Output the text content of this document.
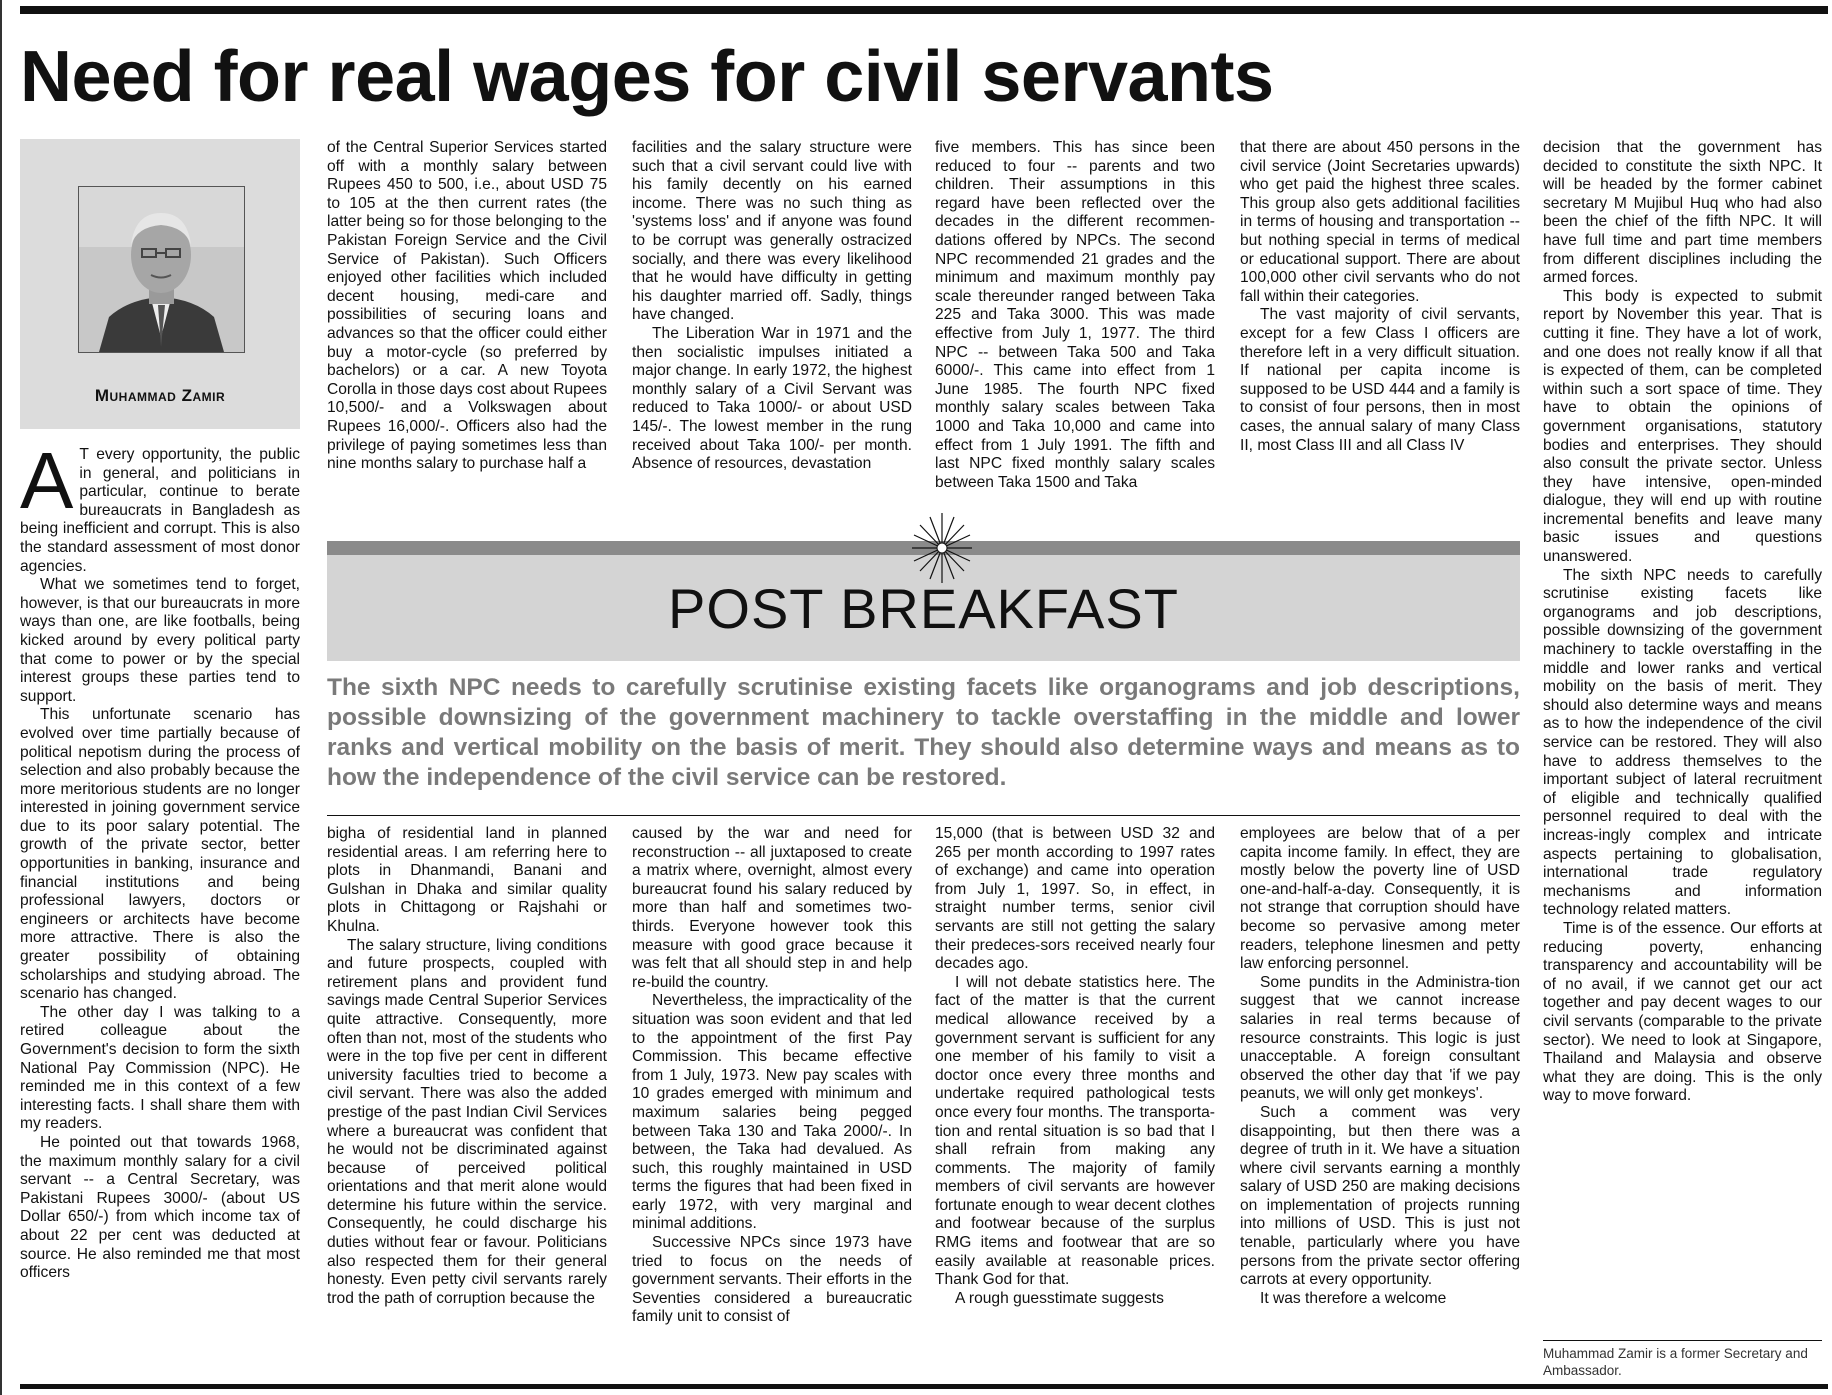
Need for real wages for civil servants
Muhammad Zamir

A T every opportunity, the public in general, and politicians in particular, continue to berate bureaucrats in Bangladesh as being inefficient and corrupt. This is also the standard assessment of most donor agencies.

What we sometimes tend to forget, however, is that our bureaucrats in more ways than one, are like footballs, being kicked around by every political party that come to power or by the special interest groups these parties tend to support.

This unfortunate scenario has evolved over time partially because of political nepotism during the process of selection and also probably because the more meritorious students are no longer interested in joining government service due to its poor salary potential. The growth of the private sector, better opportunities in banking, insurance and financial institutions and being professional lawyers, doctors or engineers or architects have become more attractive. There is also the greater possibility of obtaining scholarships and studying abroad. The scenario has changed.

The other day I was talking to a retired colleague about the Government's decision to form the sixth National Pay Commission (NPC). He reminded me in this context of a few interesting facts. I shall share them with my readers.

He pointed out that towards 1968, the maximum monthly salary for a civil servant -- a Central Secretary, was Pakistani Rupees 3000/- (about US Dollar 650/-) from which income tax of about 22 per cent was deducted at source. He also reminded me that most officers

of the Central Superior Services started off with a monthly salary between Rupees 450 to 500, i.e., about USD 75 to 105 at the then current rates (the latter being so for those belonging to the Pakistan Foreign Service and the Civil Service of Pakistan). Such Officers enjoyed other facilities which included decent housing, medi-care and possibilities of securing loans and advances so that the officer could either buy a motor-cycle (so preferred by bachelors) or a car. A new Toyota Corolla in those days cost about Rupees 10,500/- and a Volkswagen about Rupees 16,000/-. Officers also had the privilege of paying sometimes less than nine months salary to purchase half a

facilities and the salary structure were such that a civil servant could live with his family decently on his earned income. There was no such thing as 'systems loss' and if anyone was found to be corrupt was generally ostracized socially, and there was every likelihood that he would have difficulty in getting his daughter married off. Sadly, things have changed.

The Liberation War in 1971 and the then socialistic impulses initiated a major change. In early 1972, the highest monthly salary of a Civil Servant was reduced to Taka 1000/- or about USD 145/-. The lowest member in the rung received about Taka 100/- per month. Absence of resources, devastation

five members. This has since been reduced to four -- parents and two children. Their assumptions in this regard have been reflected over the decades in the different recommen-dations offered by NPCs. The second NPC recommended 21 grades and the minimum and maximum monthly pay scale thereunder ranged between Taka 225 and Taka 3000. This was made effective from July 1, 1977. The third NPC -- between Taka 500 and Taka 6000/-. This came into effect from 1 June 1985. The fourth NPC fixed monthly salary scales between Taka 1000 and Taka 10,000 and came into effect from 1 July 1991. The fifth and last NPC fixed monthly salary scales between Taka 1500 and Taka

that there are about 450 persons in the civil service (Joint Secretaries upwards) who get paid the highest three scales. This group also gets additional facilities in terms of housing and transportation -- but nothing special in terms of medical or educational support. There are about 100,000 other civil servants who do not fall within their categories.

The vast majority of civil servants, except for a few Class I officers are therefore left in a very difficult situation. If national per capita income is supposed to be USD 444 and a family is to consist of four persons, then in most cases, the annual salary of many Class II, most Class III and all Class IV

decision that the government has decided to constitute the sixth NPC. It will be headed by the former cabinet secretary M Mujibul Huq who had also been the chief of the fifth NPC. It will have full time and part time members from different disciplines including the armed forces.

This body is expected to submit report by November this year. That is cutting it fine. They have a lot of work, and one does not really know if all that is expected of them, can be completed within such a sort space of time. They have to obtain the opinions of government organisations, statutory bodies and enterprises. They should also consult the private sector. Unless they have intensive, open-minded dialogue, they will end up with routine incremental benefits and leave many basic issues and questions unanswered.

The sixth NPC needs to carefully scrutinise existing facets like organograms and job descriptions, possible downsizing of the government machinery to tackle overstaffing in the middle and lower ranks and vertical mobility on the basis of merit. They should also determine ways and means as to how the independence of the civil service can be restored. They will also have to address themselves to the important subject of lateral recruitment of eligible and technically qualified personnel required to deal with the increas-ingly complex and intricate aspects pertaining to globalisation, international trade regulatory mechanisms and information technology related matters.

Time is of the essence. Our efforts at reducing poverty, enhancing transparency and accountability will be of no avail, if we cannot get our act together and pay decent wages to our civil servants (comparable to the private sector). We need to look at Singapore, Thailand and Malaysia and observe what they are doing. This is the only way to move forward.

POST BREAKFAST

The sixth NPC needs to carefully scrutinise existing facets like organograms and job descriptions, possible downsizing of the government machinery to tackle overstaffing in the middle and lower ranks and vertical mobility on the basis of merit. They should also determine ways and means as to how the independence of the civil service can be restored.

bigha of residential land in planned residential areas. I am referring here to plots in Dhanmandi, Banani and Gulshan in Dhaka and similar quality plots in Chittagong or Rajshahi or Khulna.

The salary structure, living conditions and future prospects, coupled with retirement plans and provident fund savings made Central Superior Services quite attractive. Consequently, more often than not, most of the students who were in the top five per cent in different university faculties tried to become a civil servant. There was also the added prestige of the past Indian Civil Services where a bureaucrat was confident that he would not be discriminated against because of perceived political orientations and that merit alone would determine his future within the service. Consequently, he could discharge his duties without fear or favour. Politicians also respected them for their general honesty. Even petty civil servants rarely trod the path of corruption because the

caused by the war and need for reconstruction -- all juxtaposed to create a matrix where, overnight, almost every bureaucrat found his salary reduced by more than half and sometimes two-thirds. Everyone however took this measure with good grace because it was felt that all should step in and help re-build the country.

Nevertheless, the impracticality of the situation was soon evident and that led to the appointment of the first Pay Commission. This became effective from 1 July, 1973. New pay scales with 10 grades emerged with minimum and maximum salaries being pegged between Taka 130 and Taka 2000/-. In between, the Taka had devalued. As such, this roughly maintained in USD terms the figures that had been fixed in early 1972, with very marginal and minimal additions.

Successive NPCs since 1973 have tried to focus on the needs of government servants. Their efforts in the Seventies considered a bureaucratic family unit to consist of

15,000 (that is between USD 32 and 265 per month according to 1997 rates of exchange) and came into operation from July 1, 1997. So, in effect, in straight number terms, senior civil servants are still not getting the salary their predeces-sors received nearly four decades ago.

I will not debate statistics here. The fact of the matter is that the current medical allowance received by a government servant is sufficient for any one member of his family to visit a doctor once every three months and undertake required pathological tests once every four months. The transporta-tion and rental situation is so bad that I shall refrain from making any comments. The majority of family members of civil servants are however fortunate enough to wear decent clothes and footwear because of the surplus RMG items and footwear that are so easily available at reasonable prices. Thank God for that.

A rough guesstimate suggests

employees are below that of a per capita income family. In effect, they are mostly below the poverty line of USD one-and-half-a-day. Consequently, it is not strange that corruption should have become so pervasive among meter readers, telephone linesmen and petty law enforcing personnel.

Some pundits in the Administra-tion suggest that we cannot increase salaries in real terms because of resource constraints. This logic is just unacceptable. A foreign consultant observed the other day that 'if we pay peanuts, we will only get monkeys'.

Such a comment was very disappointing, but then there was a degree of truth in it. We have a situation where civil servants earning a monthly salary of USD 250 are making decisions on implementation of projects running into millions of USD. This is just not tenable, particularly where you have persons from the private sector offering carrots at every opportunity.

It was therefore a welcome

Muhammad Zamir is a former Secretary and Ambassador.
